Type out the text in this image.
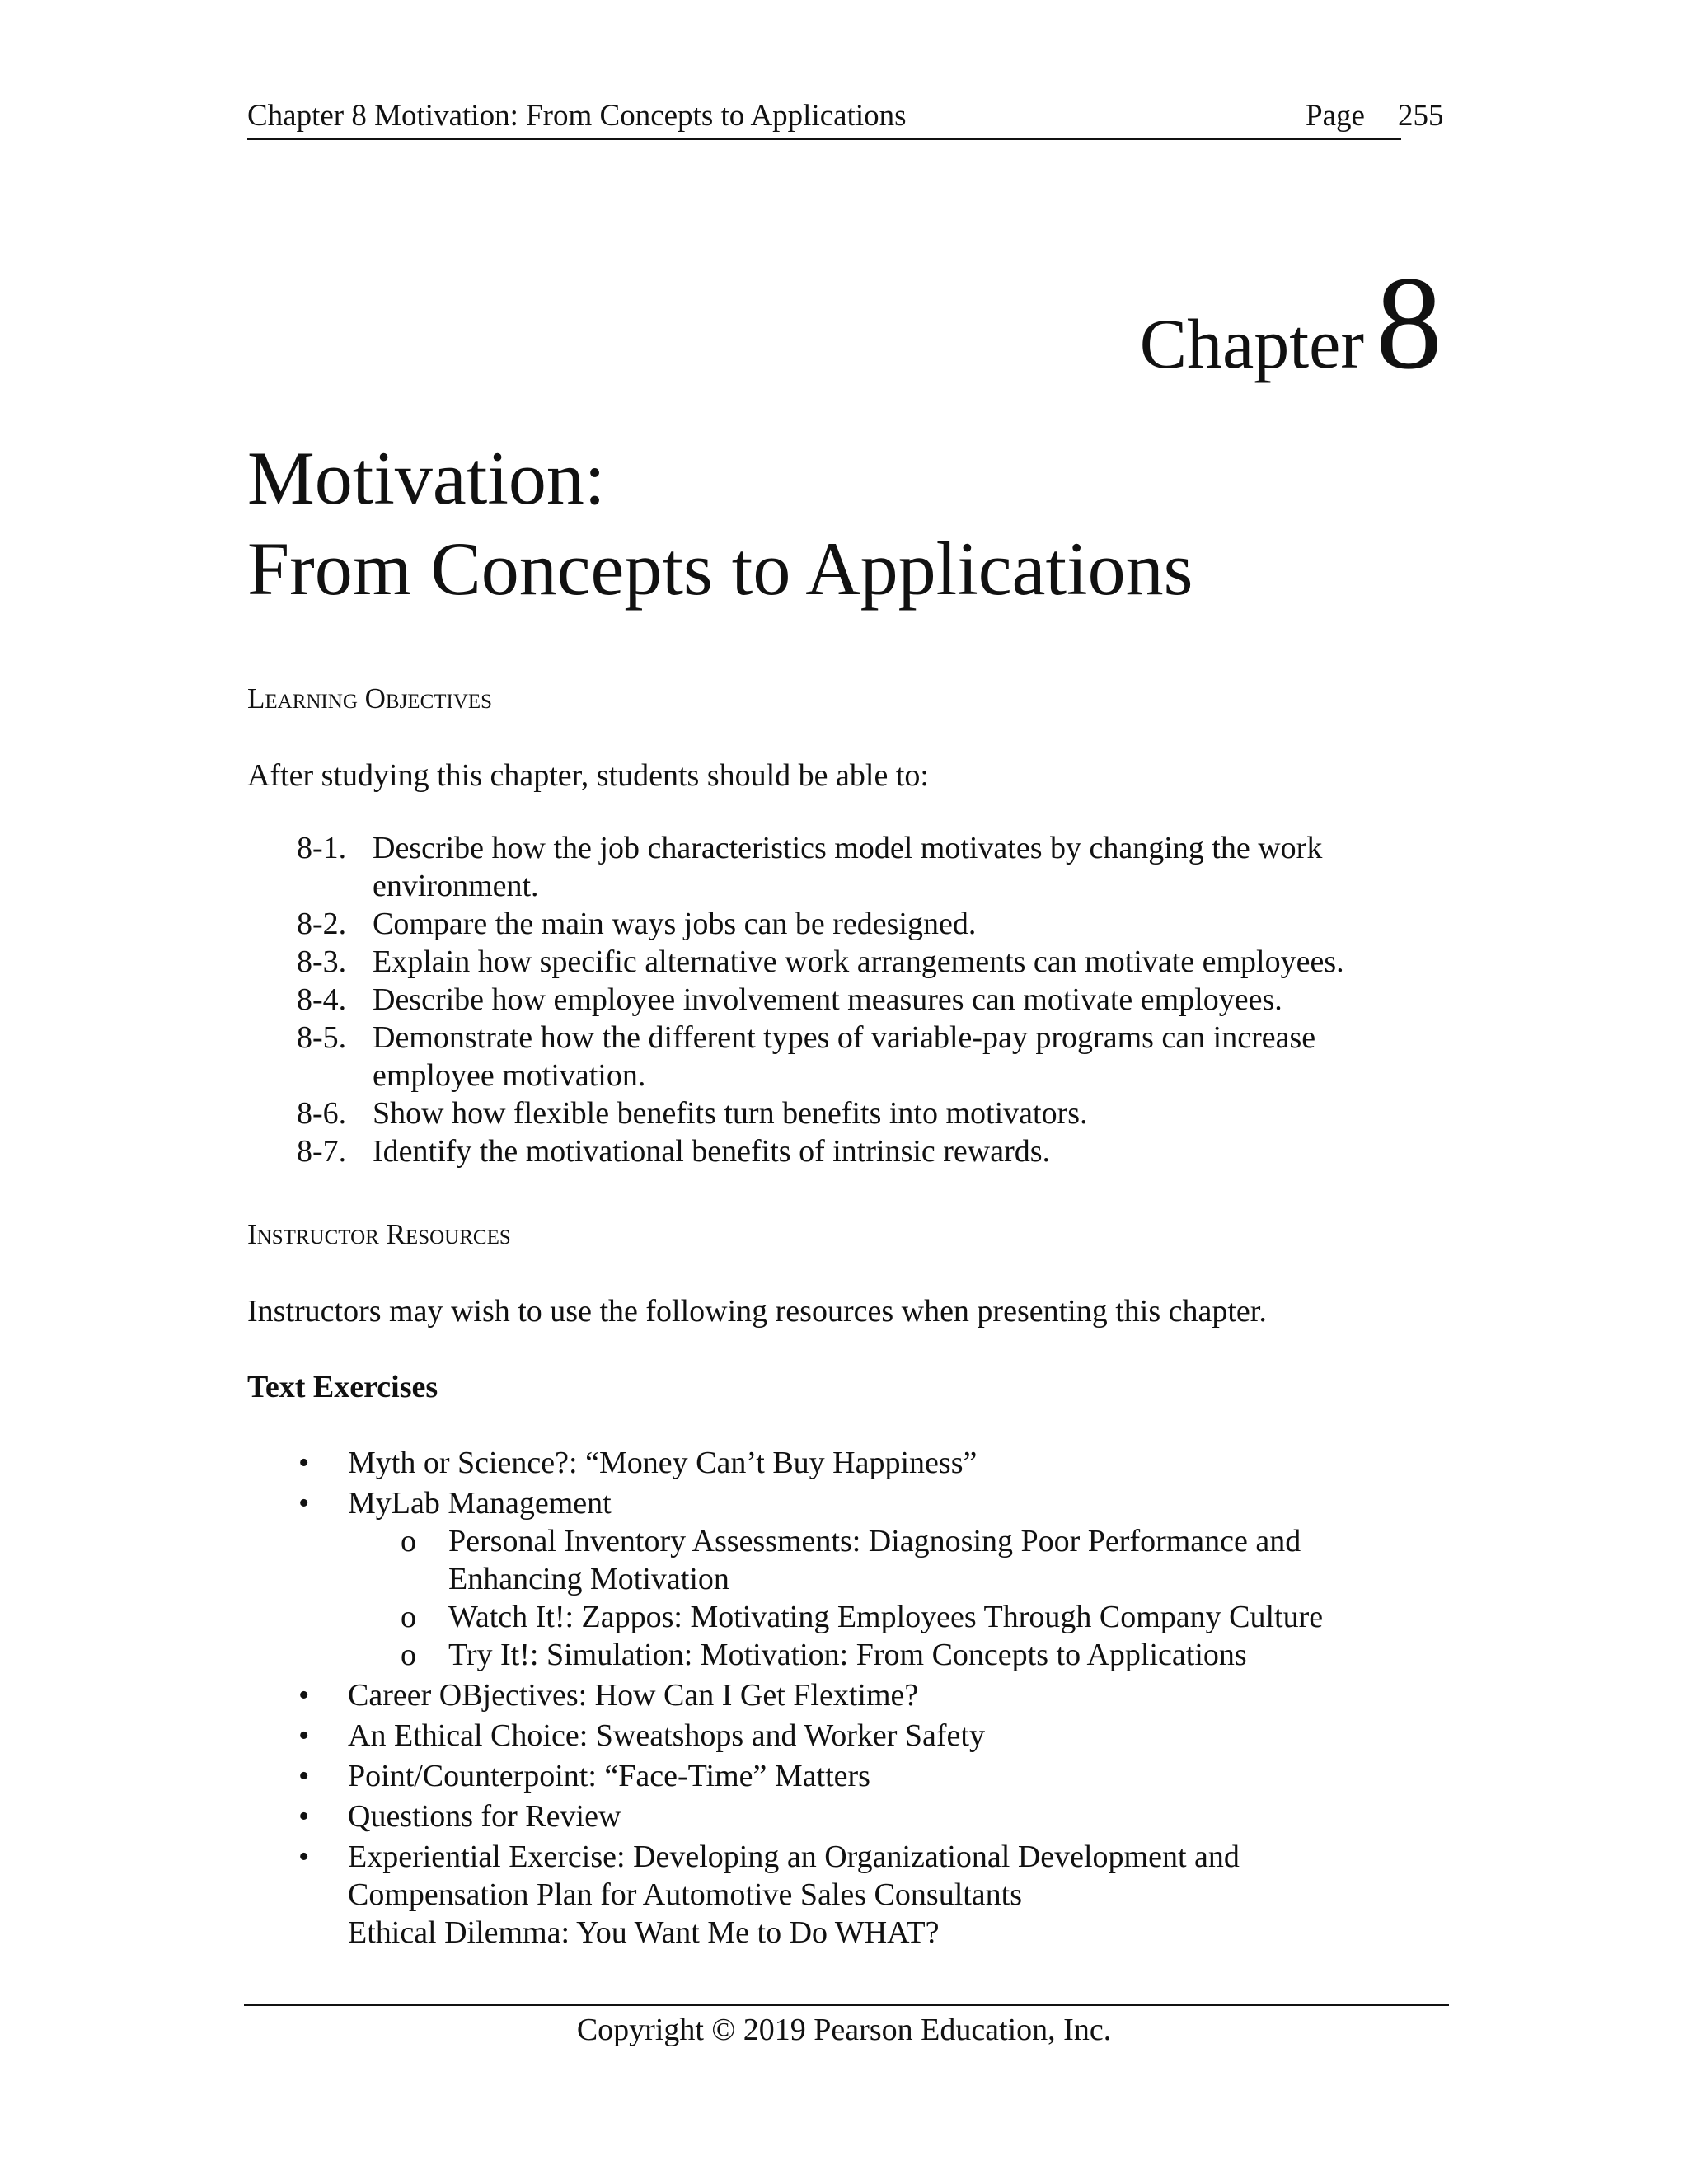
Chapter 8 Motivation: From Concepts to Applications	Page 255
Chapter8
Motivation:
From Concepts to Applications
Learning Objectives

After studying this chapter, students should be able to:

8-1. Describe how the job characteristics model motivates by changing the work
environment.
8-2. Compare the main ways jobs can be redesigned.
8-3. Explain how specific alternative work arrangements can motivate employees.
8-4. Describe how employee involvement measures can motivate employees.
8-5. Demonstrate how the different types of variable-pay programs can increase
employee motivation.
8-6. Show how flexible benefits turn benefits into motivators.
8-7. Identify the motivational benefits of intrinsic rewards.
Instructor Resources

Instructors may wish to use the following resources when presenting this chapter.

Text Exercises

• Myth or Science?: “Money Can’t Buy Happiness”
• MyLab Management
o Personal Inventory Assessments: Diagnosing Poor Performance and
Enhancing Motivation
o Watch It!: Zappos: Motivating Employees Through Company Culture
o Try It!: Simulation: Motivation: From Concepts to Applications
• Career OBjectives: How Can I Get Flextime?
• An Ethical Choice: Sweatshops and Worker Safety
• Point/Counterpoint: “Face-Time” Matters
• Questions for Review
• Experiential Exercise: Developing an Organizational Development and
Compensation Plan for Automotive Sales Consultants
Ethical Dilemma: You Want Me to Do WHAT?
Copyright © 2019 Pearson Education, Inc.
